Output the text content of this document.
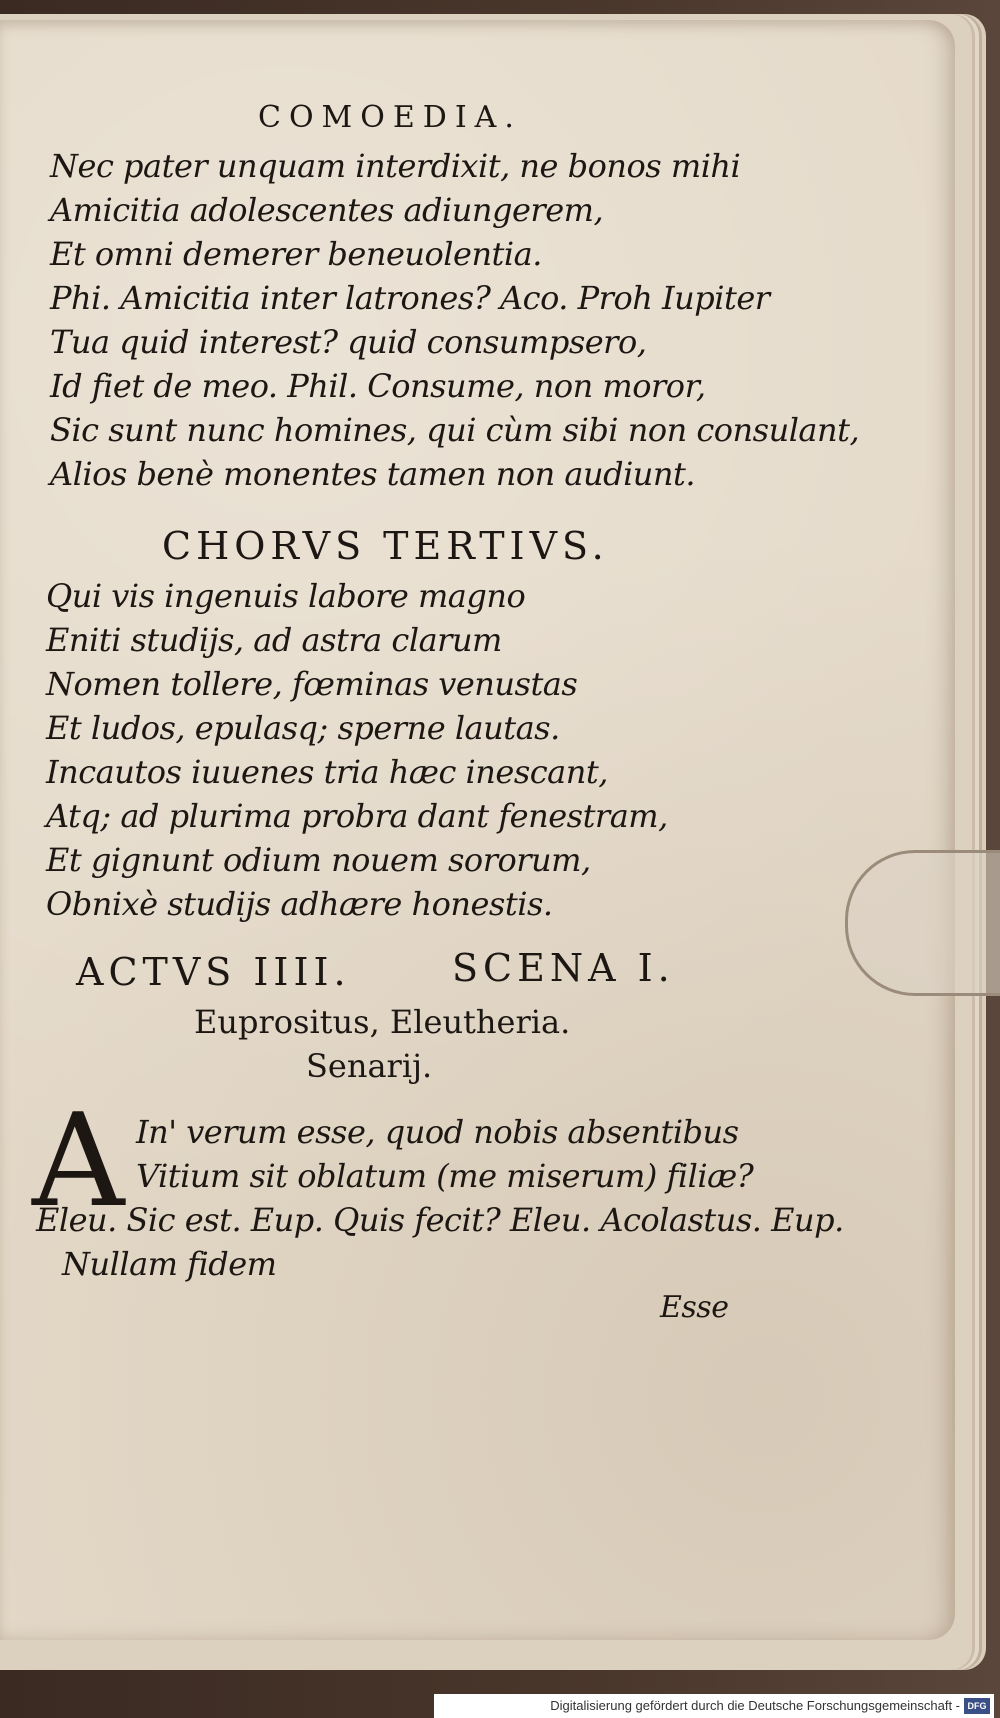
COMOEDIA.
Nec pater unquam interdixit, ne bonos mihi
Amicitia adolescentes adiungerem,
Et omni demerer beneuolentia.
Phi. Amicitia inter latrones? Aco. Proh Iupiter
Tua quid interest? quid consumpsero,
Id fiet de meo. Phil. Consume, non moror,
Sic sunt nunc homines, qui cùm sibi non consulant,
Alios benè monentes tamen non audiunt.
CHORVS TERTIVS.
Qui vis ingenuis labore magno
Eniti studijs, ad astra clarum
Nomen tollere, fœminas venustas
Et ludos, epulasq; sperne lautas.
Incautos iuuenes tria hæc inescant,
Atq; ad plurima probra dant fenestram,
Et gignunt odium nouem sororum,
Obnixè studijs adhære honestis.
ACTVS IIII.	SCENA I.
Euprositus, Eleutheria.
Senarij.
A In' verum esse, quod nobis absentibus
Vitium sit oblatum (me miserum) filiæ?
Eleu. Sic est. Eup. Quis fecit? Eleu. Acolastus. Eup.
Nullam fidem
Esse
Digitalisierung gefördert durch die Deutsche Forschungsgemeinschaft - DFG
